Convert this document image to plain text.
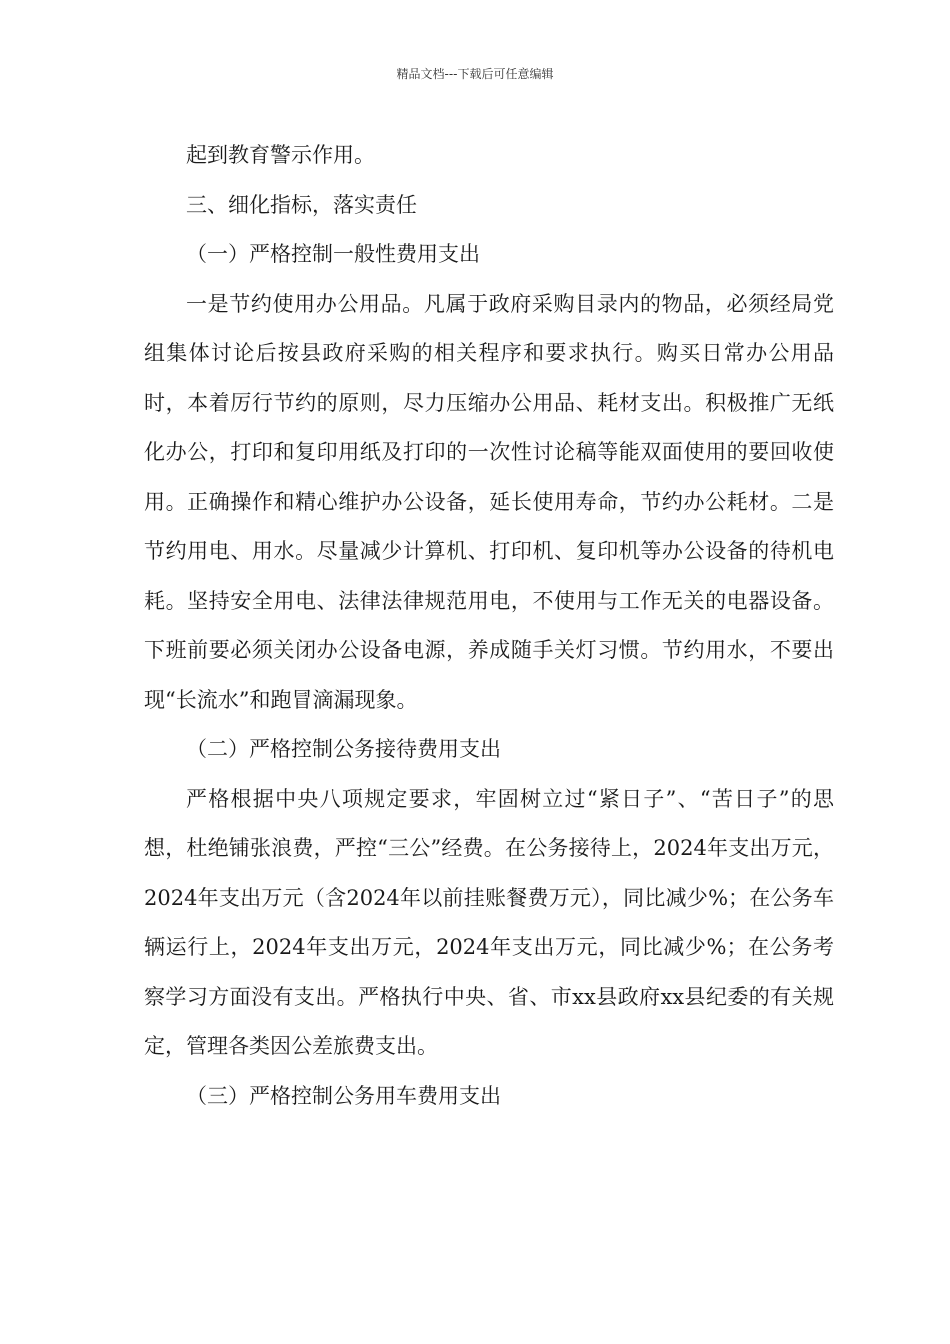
精品文档---下载后可任意编辑

起到教育警示作用。

三、细化指标，落实责任

（一）严格控制一般性费用支出

一是节约使用办公用品。凡属于政府采购目录内的物品，必须经局党组集体讨论后按县政府采购的相关程序和要求执行。购买日常办公用品时，本着厉行节约的原则，尽力压缩办公用品、耗材支出。积极推广无纸化办公，打印和复印用纸及打印的一次性讨论稿等能双面使用的要回收使用。正确操作和精心维护办公设备，延长使用寿命，节约办公耗材。二是节约用电、用水。尽量减少计算机、打印机、复印机等办公设备的待机电耗。坚持安全用电、法律法律规范用电，不使用与工作无关的电器设备。下班前要必须关闭办公设备电源，养成随手关灯习惯。节约用水，不要出现“长流水”和跑冒滴漏现象。

（二）严格控制公务接待费用支出

严格根据中央八项规定要求，牢固树立过“紧日子”、“苦日子”的思想，杜绝铺张浪费，严控“三公”经费。在公务接待上，2024年支出万元，2024年支出万元（含2024年以前挂账餐费万元），同比减少%；在公务车辆运行上，2024年支出万元，2024年支出万元，同比减少%；在公务考察学习方面没有支出。严格执行中央、省、市xx县政府xx县纪委的有关规定，管理各类因公差旅费支出。

（三）严格控制公务用车费用支出
